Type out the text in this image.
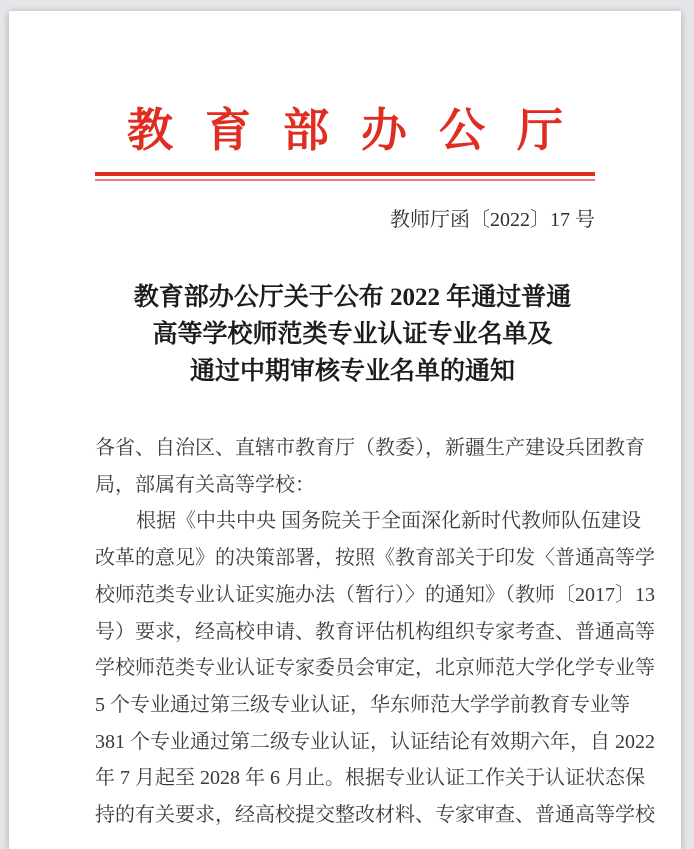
教育部办公厅
教师厅函〔2022〕17 号
教育部办公厅关于公布 2022 年通过普通
高等学校师范类专业认证专业名单及
通过中期审核专业名单的通知
各省、自治区、直辖市教育厅（教委），新疆生产建设兵团教育
局，部属有关高等学校：
根据《中共中央 国务院关于全面深化新时代教师队伍建设
改革的意见》的决策部署，按照《教育部关于印发〈普通高等学
校师范类专业认证实施办法（暂行）〉的通知》（教师〔2017〕13
号）要求，经高校申请、教育评估机构组织专家考查、普通高等
学校师范类专业认证专家委员会审定，北京师范大学化学专业等
5 个专业通过第三级专业认证，华东师范大学学前教育专业等
381 个专业通过第二级专业认证，认证结论有效期六年，自 2022
年 7 月起至 2028 年 6 月止。根据专业认证工作关于认证状态保
持的有关要求，经高校提交整改材料、专家审查、普通高等学校
